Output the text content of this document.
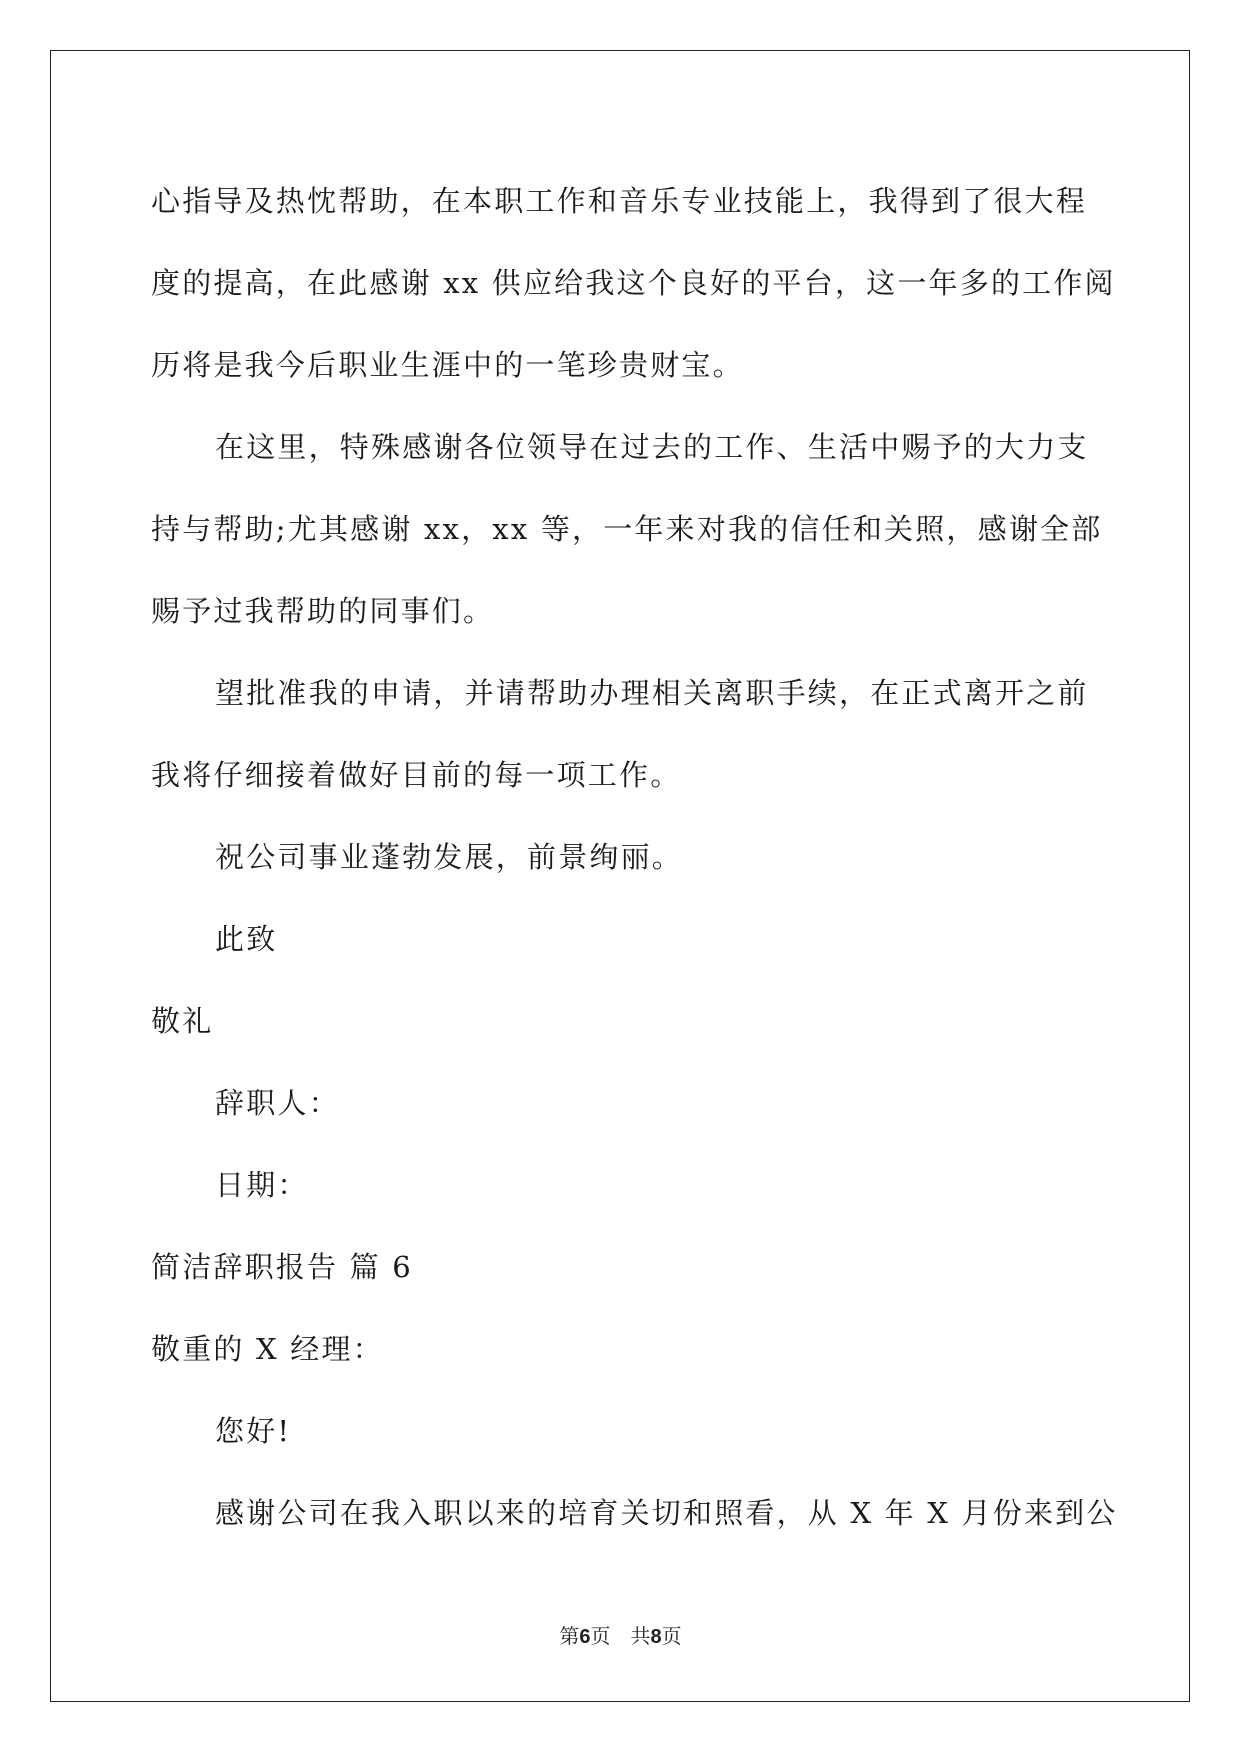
心指导及热忱帮助，在本职工作和音乐专业技能上，我得到了很大程
度的提高，在此感谢 xx 供应给我这个良好的平台，这一年多的工作阅
历将是我今后职业生涯中的一笔珍贵财宝。
在这里，特殊感谢各位领导在过去的工作、生活中赐予的大力支
持与帮助;尤其感谢 xx，xx 等，一年来对我的信任和关照，感谢全部
赐予过我帮助的同事们。
望批准我的申请，并请帮助办理相关离职手续，在正式离开之前
我将仔细接着做好目前的每一项工作。
祝公司事业蓬勃发展，前景绚丽。
此致
敬礼
辞职人：
日期：
简洁辞职报告 篇 6
敬重的 X 经理：
您好!
感谢公司在我入职以来的培育关切和照看，从 X 年 X 月份来到公
第6页　共8页
